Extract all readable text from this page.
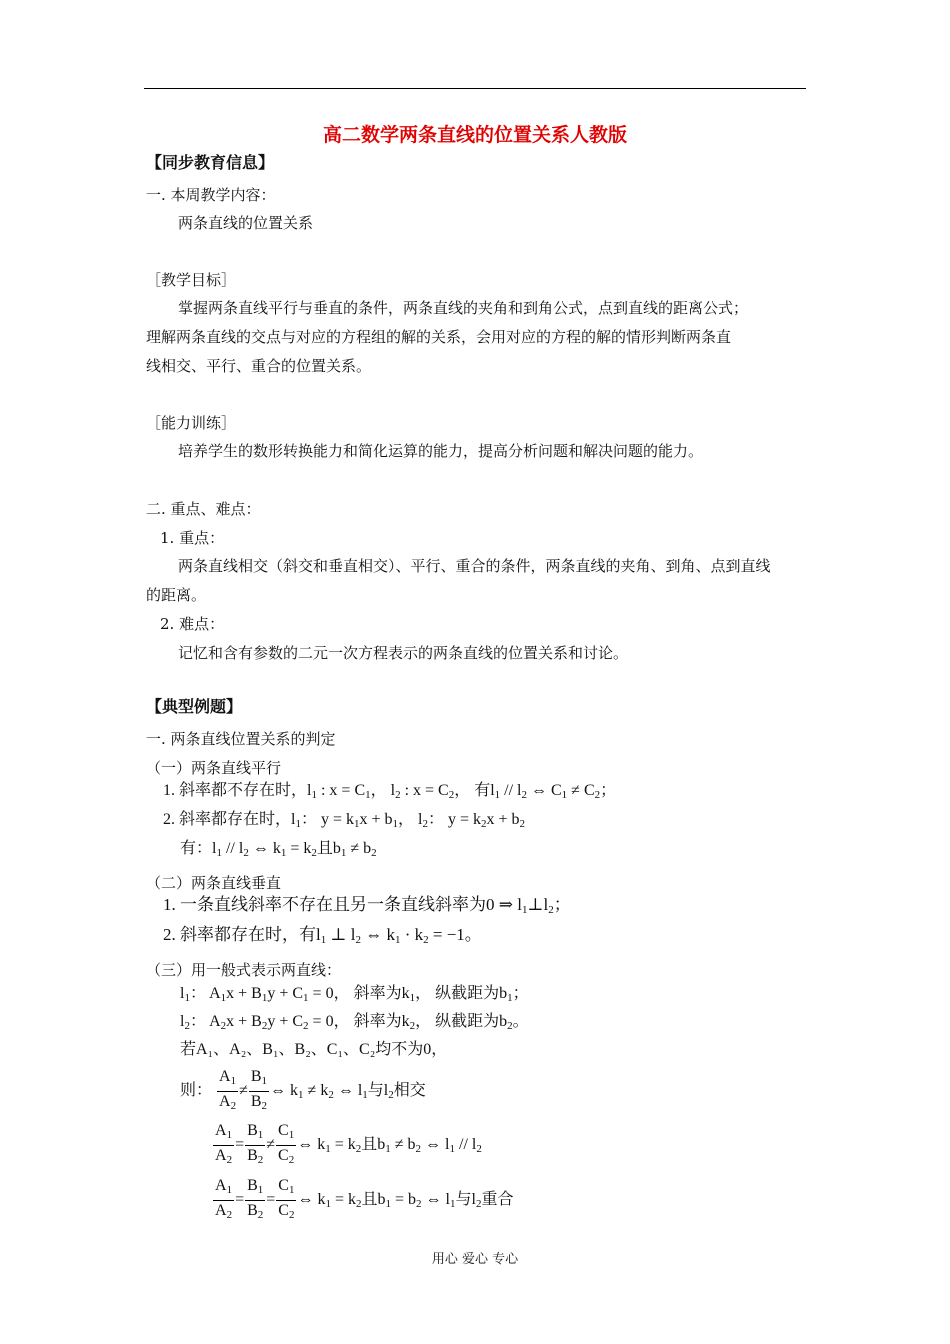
高二数学两条直线的位置关系人教版
【同步教育信息】
一. 本周教学内容：
两条直线的位置关系
［教学目标］
掌握两条直线平行与垂直的条件，两条直线的夹角和到角公式，点到直线的距离公式；
理解两条直线的交点与对应的方程组的解的关系，会用对应的方程的解的情形判断两条直
线相交、平行、重合的位置关系。
［能力训练］
培养学生的数形转换能力和简化运算的能力，提高分析问题和解决问题的能力。
二. 重点、难点：
1. 重点：
两条直线相交（斜交和垂直相交）、平行、重合的条件，两条直线的夹角、到角、点到直线
的距离。
2. 难点：
记忆和含有参数的二元一次方程表示的两条直线的位置关系和讨论。
【典型例题】
一. 两条直线位置关系的判定
（一）两条直线平行
1. 斜率都不存在时，l1 : x = C1， l2 : x = C2， 有l1 // l2 ⇔ C1 ≠ C2；
2. 斜率都存在时，l1： y = k1x + b1， l2： y = k2x + b2
有：l1 // l2 ⇔ k1 = k2且b1 ≠ b2
（二）两条直线垂直
1. 一条直线斜率不存在且另一条直线斜率为0 ⇒ l1⊥l2；
2. 斜率都存在时，有l1 ⊥ l2 ⇔ k1 · k2 = −1。
（三）用一般式表示两直线：
l1： A1x + B1y + C1 = 0， 斜率为k1， 纵截距为b1；
l2： A2x + B2y + C2 = 0， 斜率为k2， 纵截距为b2。
若A₁、A₂、B₁、B₂、C₁、C₂均不为0，
则： $\frac{A1}{A2} \ne \frac{B1}{B2}$ ⇔ k1 ≠ k2 ⇔ l1与l2相交
$\frac{A1}{A2} = \frac{B1}{B2} \ne \frac{C1}{C2}$ ⇔ k1 = k2且b1 ≠ b2 ⇔ l1 // l2
$\frac{A1}{A2} = \frac{B1}{B2} = \frac{C1}{C2}$ ⇔ k1 = k2且b1 = b2 ⇔ l1与l2重合
用心 爱心 专心
